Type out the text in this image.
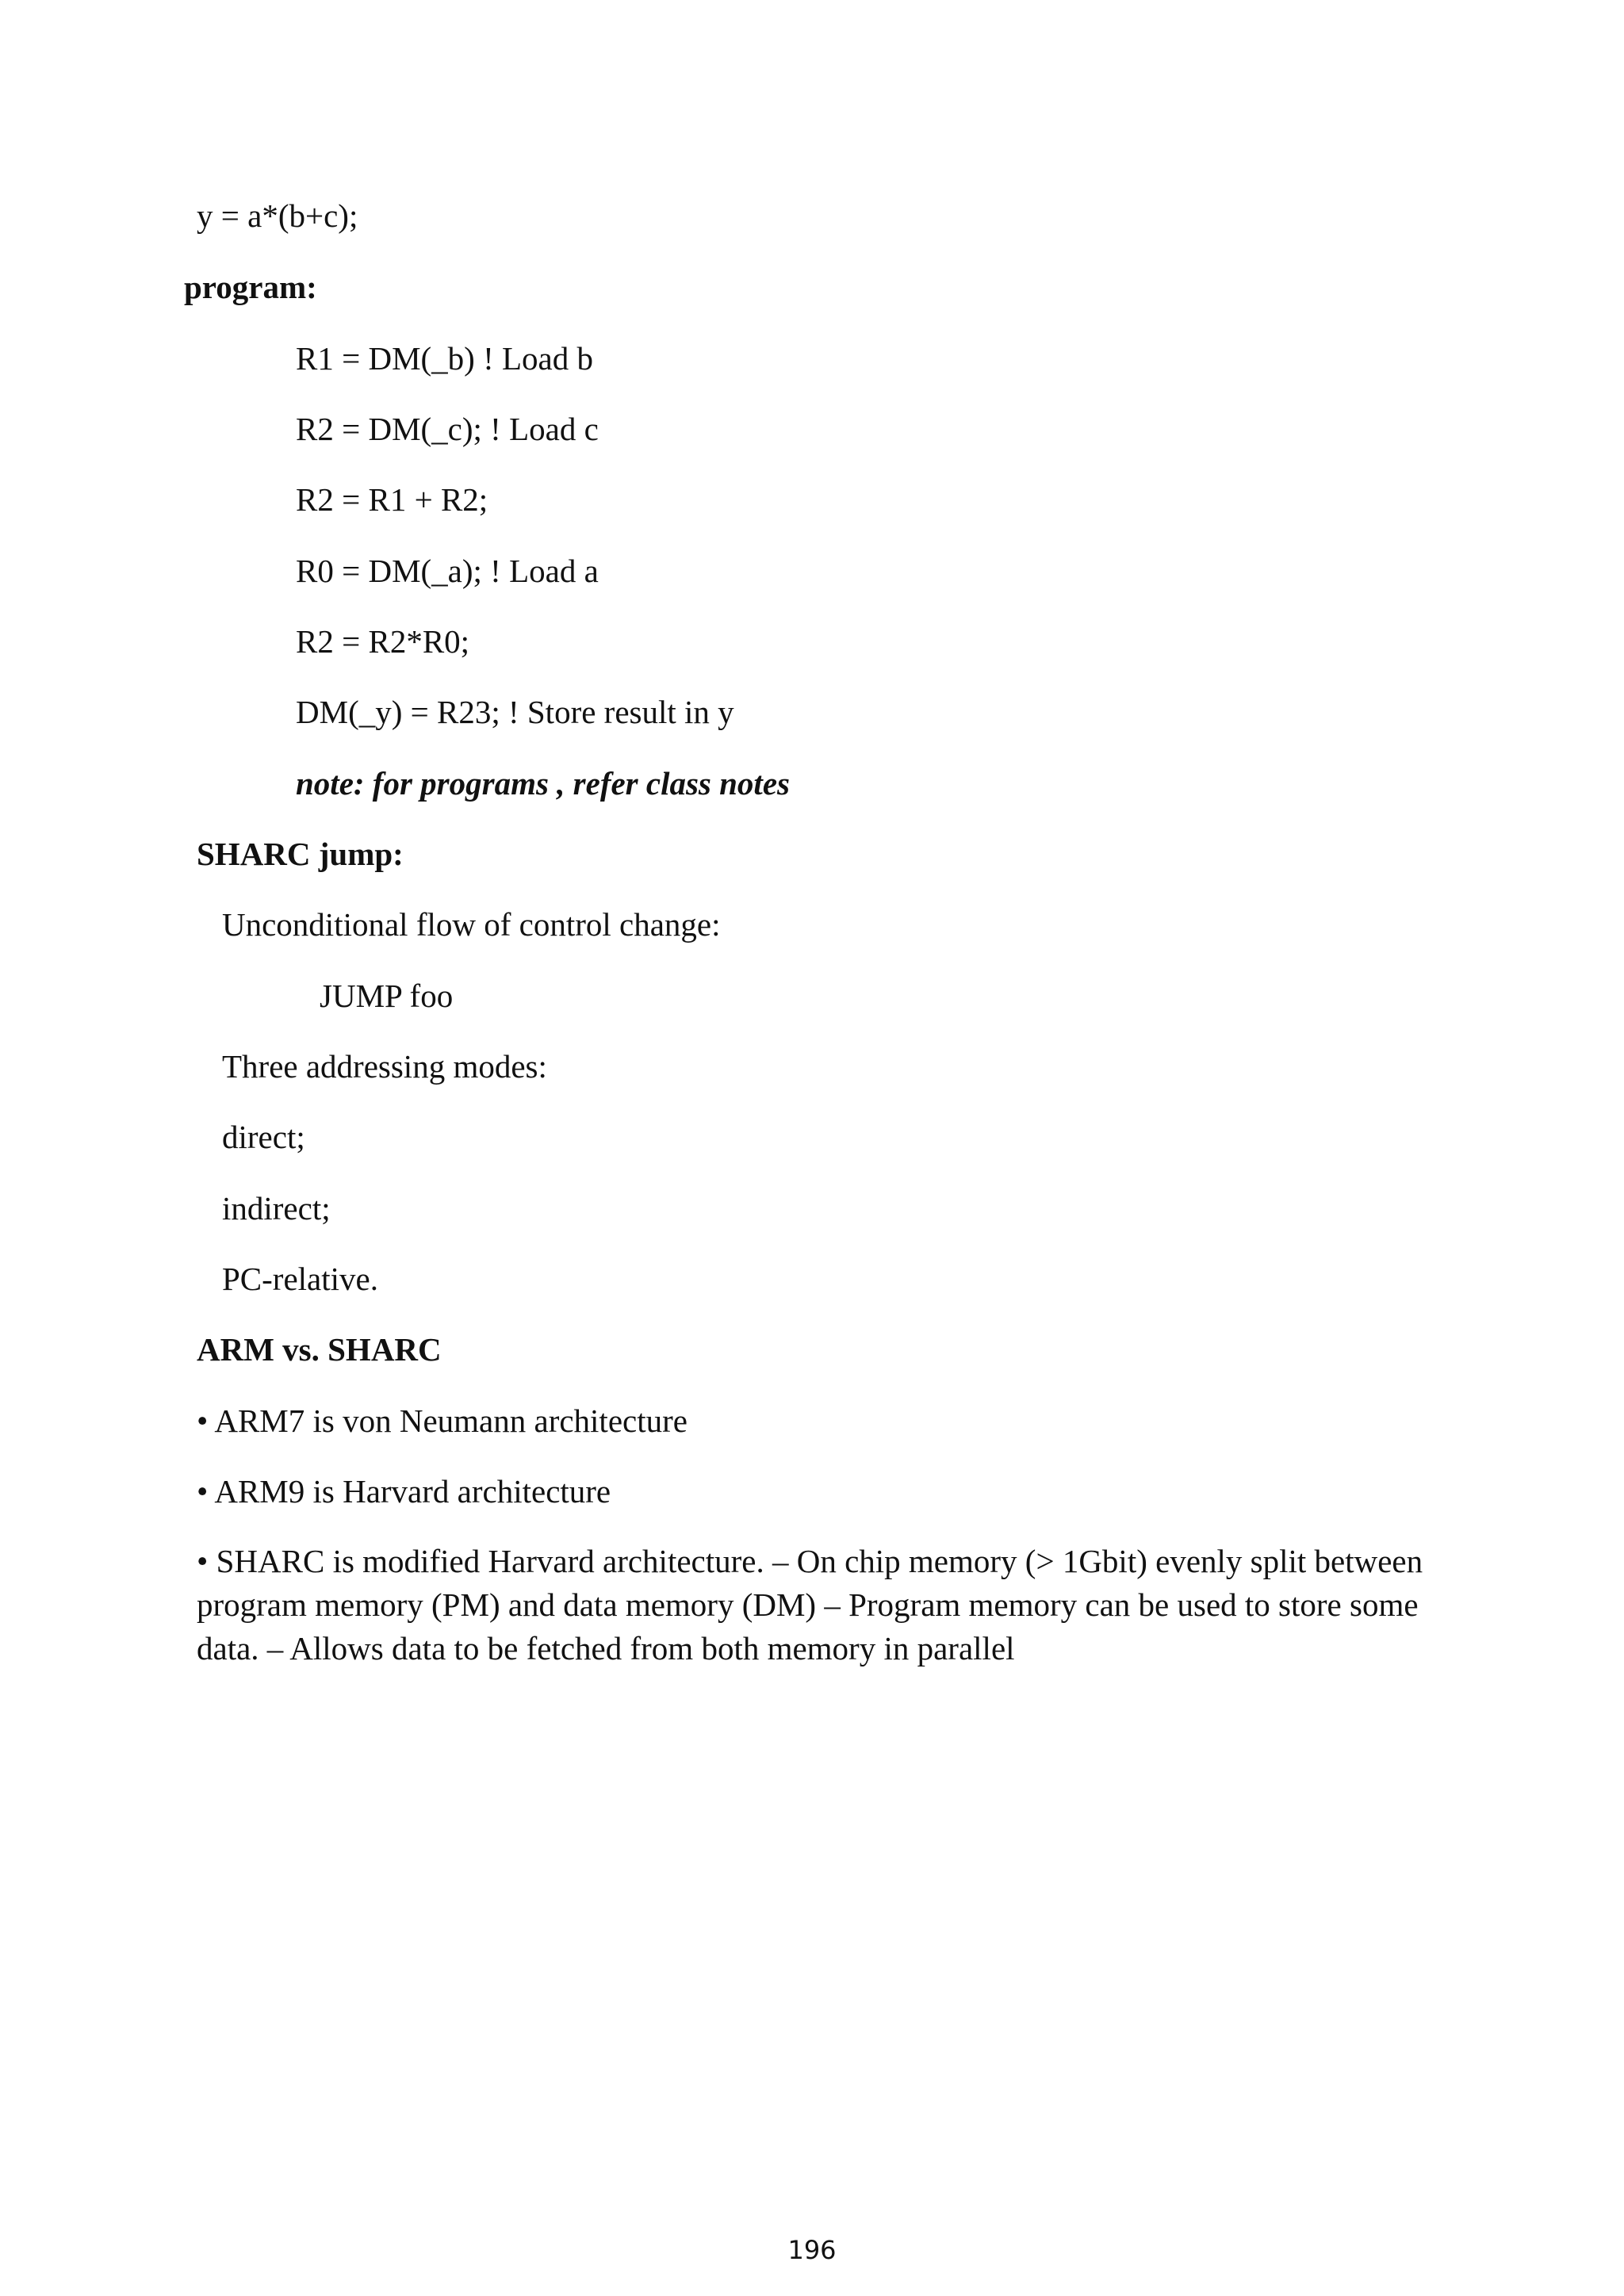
y = a*(b+c);
program:
R1 = DM(_b) ! Load b
R2 = DM(_c); ! Load c
R2 = R1 + R2;
R0 = DM(_a); ! Load a
R2 = R2*R0;
DM(_y) = R23; ! Store result in y
note: for programs , refer class notes
SHARC jump:
Unconditional flow of control change:
JUMP foo
Three addressing modes:
direct;
indirect;
PC-relative.
ARM vs. SHARC
• ARM7 is von Neumann architecture
• ARM9 is Harvard architecture
• SHARC is modified Harvard architecture. – On chip memory (> 1Gbit) evenly split between program memory (PM) and data memory (DM) – Program memory can be used to store some data. – Allows data to be fetched from both memory in parallel
196
